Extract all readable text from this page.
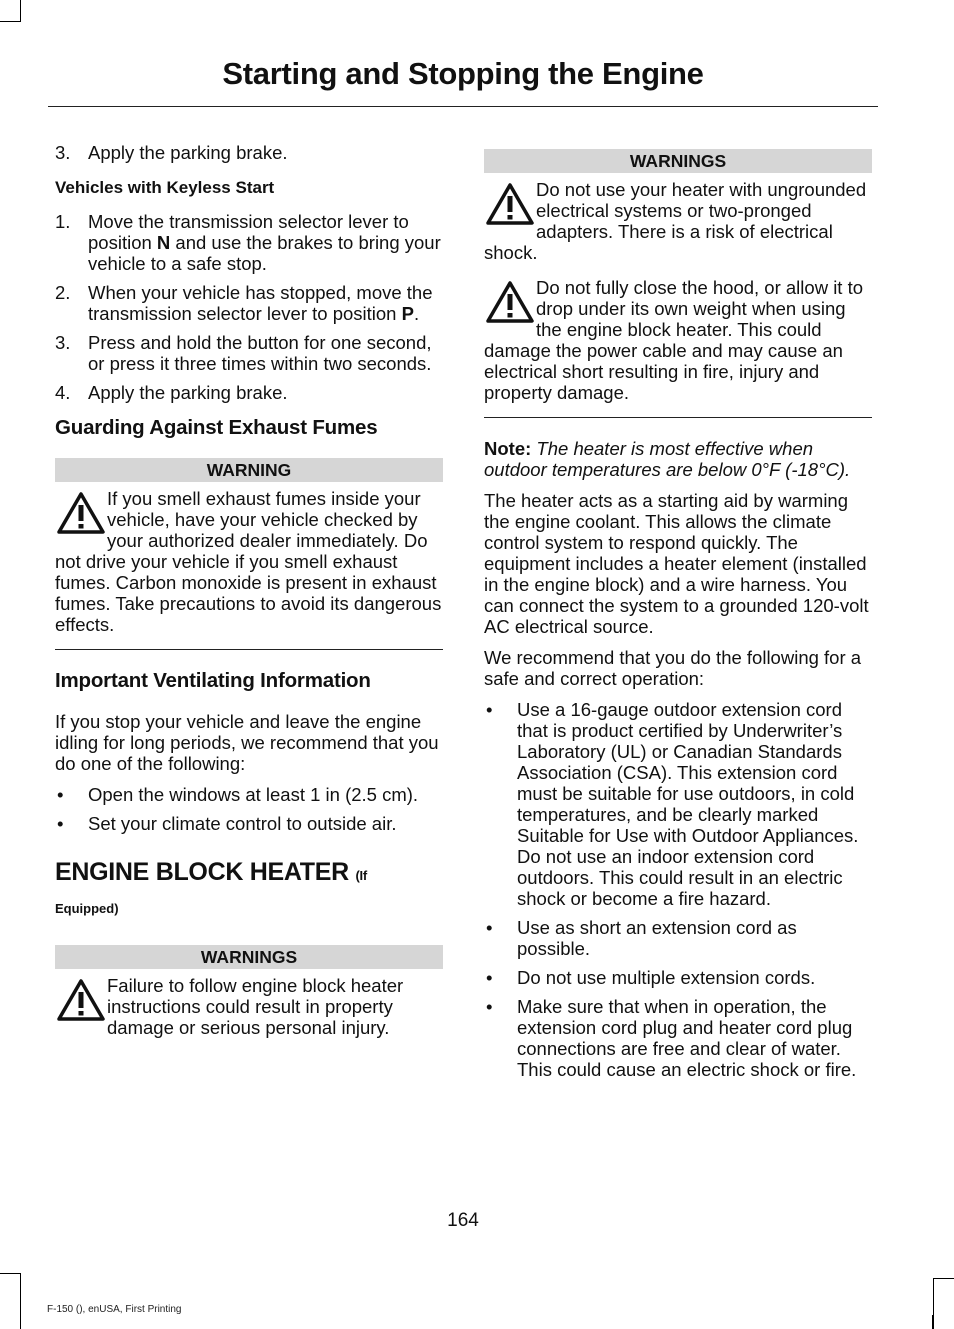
Starting and Stopping the Engine
3. Apply the parking brake.
Vehicles with Keyless Start
1. Move the transmission selector lever to position N and use the brakes to bring your vehicle to a safe stop.
2. When your vehicle has stopped, move the transmission selector lever to position P.
3. Press and hold the button for one second, or press it three times within two seconds.
4. Apply the parking brake.
Guarding Against Exhaust Fumes
WARNING
If you smell exhaust fumes inside your vehicle, have your vehicle checked by your authorized dealer immediately. Do not drive your vehicle if you smell exhaust fumes. Carbon monoxide is present in exhaust fumes. Take precautions to avoid its dangerous effects.
Important Ventilating Information

If you stop your vehicle and leave the engine idling for long periods, we recommend that you do one of the following:

• Open the windows at least 1 in (2.5 cm).
• Set your climate control to outside air.
ENGINE BLOCK HEATER (If
Equipped)
WARNINGS
Failure to follow engine block heater instructions could result in property damage or serious personal injury.
WARNINGS
Do not use your heater with ungrounded electrical systems or two-pronged adapters. There is a risk of electrical shock.
Do not fully close the hood, or allow it to drop under its own weight when using the engine block heater. This could damage the power cable and may cause an electrical short resulting in fire, injury and property damage.

Note: The heater is most effective when outdoor temperatures are below 0°F (-18°C).

The heater acts as a starting aid by warming the engine coolant. This allows the climate control system to respond quickly. The equipment includes a heater element (installed in the engine block) and a wire harness. You can connect the system to a grounded 120-volt AC electrical source.

We recommend that you do the following for a safe and correct operation:

• Use a 16-gauge outdoor extension cord that is product certified by Underwriter’s Laboratory (UL) or Canadian Standards Association (CSA). This extension cord must be suitable for use outdoors, in cold temperatures, and be clearly marked Suitable for Use with Outdoor Appliances. Do not use an indoor extension cord outdoors. This could result in an electric shock or become a fire hazard.
• Use as short an extension cord as possible.
• Do not use multiple extension cords.
• Make sure that when in operation, the extension cord plug and heater cord plug connections are free and clear of water. This could cause an electric shock or fire.
164
F-150 (), enUSA, First Printing
